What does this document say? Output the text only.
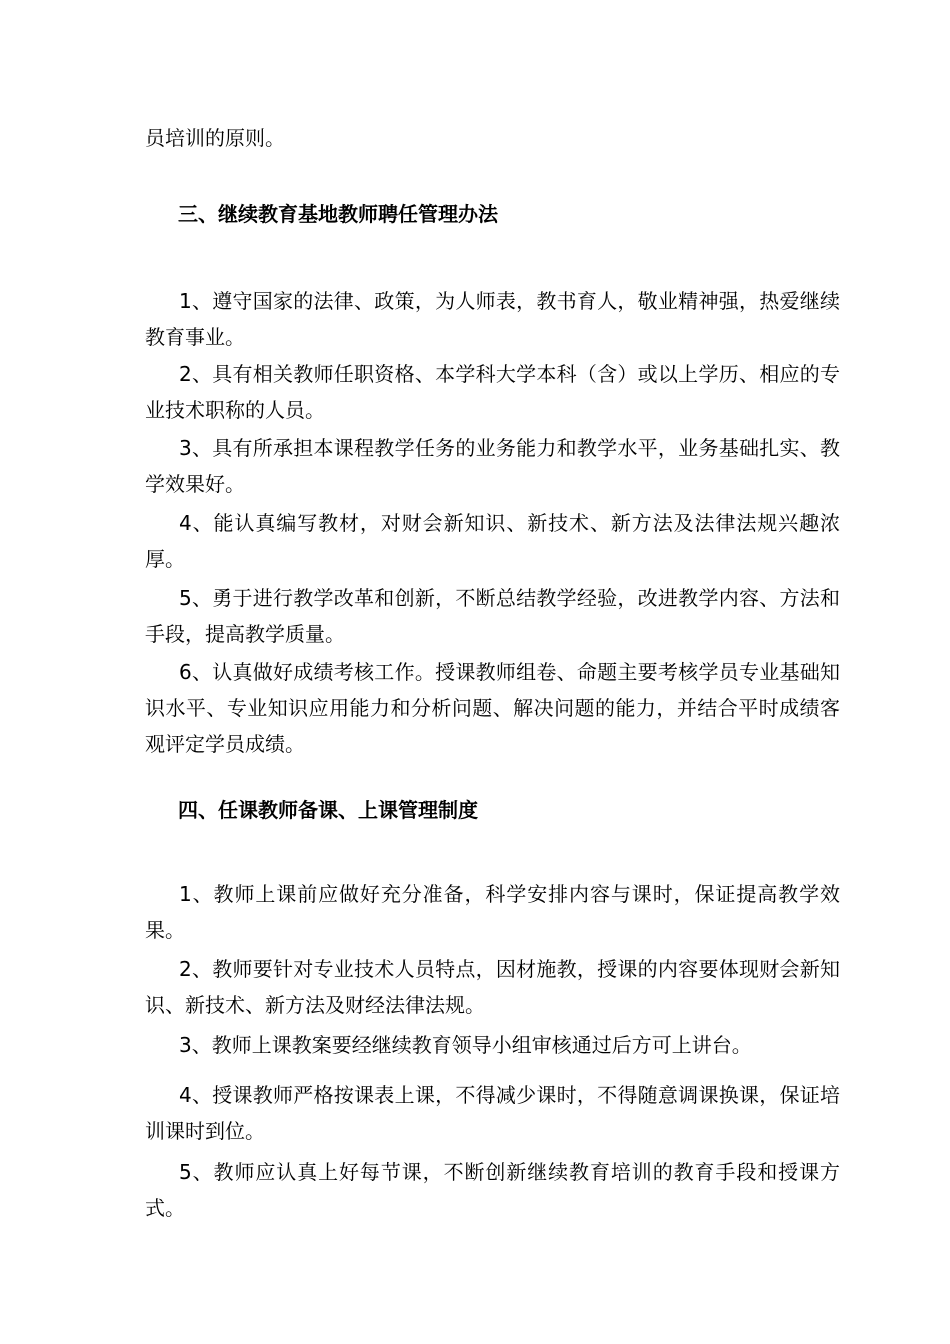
员培训的原则。

三、继续教育基地教师聘任管理办法

1、遵守国家的法律、政策，为人师表，教书育人，敬业精神强，热爱继续教育事业。

2、具有相关教师任职资格、本学科大学本科（含）或以上学历、相应的专业技术职称的人员。

3、具有所承担本课程教学任务的业务能力和教学水平，业务基础扎实、教学效果好。

4、能认真编写教材，对财会新知识、新技术、新方法及法律法规兴趣浓厚。

5、勇于进行教学改革和创新，不断总结教学经验，改进教学内容、方法和手段，提高教学质量。

6、认真做好成绩考核工作。授课教师组卷、命题主要考核学员专业基础知识水平、专业知识应用能力和分析问题、解决问题的能力，并结合平时成绩客观评定学员成绩。

四、任课教师备课、上课管理制度

1、教师上课前应做好充分准备，科学安排内容与课时，保证提高教学效果。

2、教师要针对专业技术人员特点，因材施教，授课的内容要体现财会新知识、新技术、新方法及财经法律法规。

3、教师上课教案要经继续教育领导小组审核通过后方可上讲台。

4、授课教师严格按课表上课，不得减少课时，不得随意调课换课，保证培训课时到位。

5、教师应认真上好每节课，不断创新继续教育培训的教育手段和授课方式。
